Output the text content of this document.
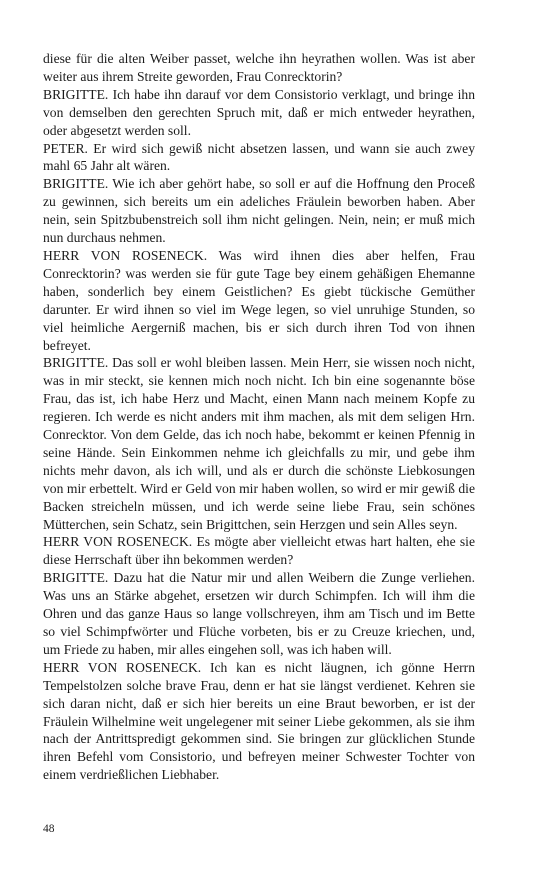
diese für die alten Weiber passet, welche ihn heyrathen wollen. Was ist aber weiter aus ihrem Streite geworden, Frau Conrecktorin?

BRIGITTE. Ich habe ihn darauf vor dem Consistorio verklagt, und bringe ihn von demselben den gerechten Spruch mit, daß er mich entweder heyrathen, oder abgesetzt werden soll.

PETER. Er wird sich gewiß nicht absetzen lassen, und wann sie auch zwey mahl 65 Jahr alt wären.

BRIGITTE. Wie ich aber gehört habe, so soll er auf die Hoffnung den Proceß zu gewinnen, sich bereits um ein adeliches Fräulein beworben haben. Aber nein, sein Spitzbubenstreich soll ihm nicht gelingen. Nein, nein; er muß mich nun durchaus nehmen.

HERR VON ROSENECK. Was wird ihnen dies aber helfen, Frau Conrecktorin? was werden sie für gute Tage bey einem gehäßigen Ehemanne haben, sonderlich bey einem Geistlichen? Es giebt tückische Gemüther darunter. Er wird ihnen so viel im Wege legen, so viel unruhige Stunden, so viel heimliche Aergerniß machen, bis er sich durch ihren Tod von ihnen befreyet.

BRIGITTE. Das soll er wohl bleiben lassen. Mein Herr, sie wissen noch nicht, was in mir steckt, sie kennen mich noch nicht. Ich bin eine sogenannte böse Frau, das ist, ich habe Herz und Macht, einen Mann nach meinem Kopfe zu regieren. Ich werde es nicht anders mit ihm machen, als mit dem seligen Hrn. Conrecktor. Von dem Gelde, das ich noch habe, bekommt er keinen Pfennig in seine Hände. Sein Einkommen nehme ich gleichfalls zu mir, und gebe ihm nichts mehr davon, als ich will, und als er durch die schönste Liebkosungen von mir erbettelt. Wird er Geld von mir haben wollen, so wird er mir gewiß die Backen streicheln müssen, und ich werde seine liebe Frau, sein schönes Mütterchen, sein Schatz, sein Brigittchen, sein Herzgen und sein Alles seyn.

HERR VON ROSENECK. Es mögte aber vielleicht etwas hart halten, ehe sie diese Herrschaft über ihn bekommen werden?

BRIGITTE. Dazu hat die Natur mir und allen Weibern die Zunge verliehen. Was uns an Stärke abgehet, ersetzen wir durch Schimpfen. Ich will ihm die Ohren und das ganze Haus so lange vollschreyen, ihm am Tisch und im Bette so viel Schimpfwörter und Flüche vorbeten, bis er zu Creuze kriechen, und, um Friede zu haben, mir alles eingehen soll, was ich haben will.

HERR VON ROSENECK. Ich kan es nicht läugnen, ich gönne Herrn Tempelstolzen solche brave Frau, denn er hat sie längst verdienet. Kehren sie sich daran nicht, daß er sich hier bereits un eine Braut beworben, er ist der Fräulein Wilhelmine weit ungelegener mit seiner Liebe gekommen, als sie ihm nach der Antrittspredigt gekommen sind. Sie bringen zur glücklichen Stunde ihren Befehl vom Consistorio, und befreyen meiner Schwester Tochter von einem verdrießlichen Liebhaber.

48
